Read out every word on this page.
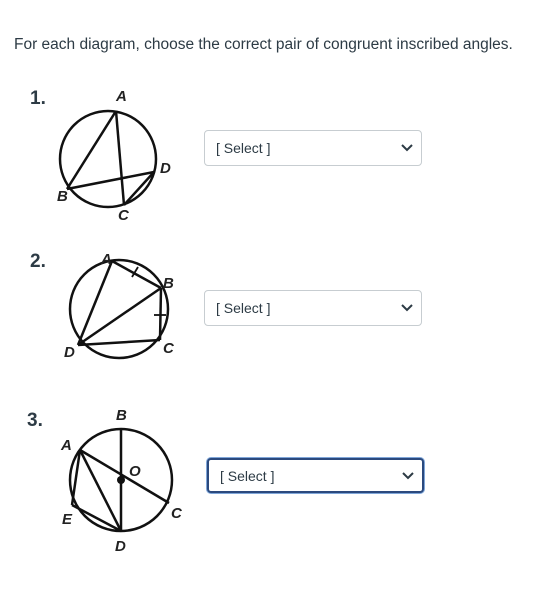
For each diagram, choose the correct pair of congruent inscribed angles.
1.	A
D
B
C
[ Select ]
2.	A
B
C
D
[ Select ]
3.	B
A
O
C
E
D
[ Select ]
